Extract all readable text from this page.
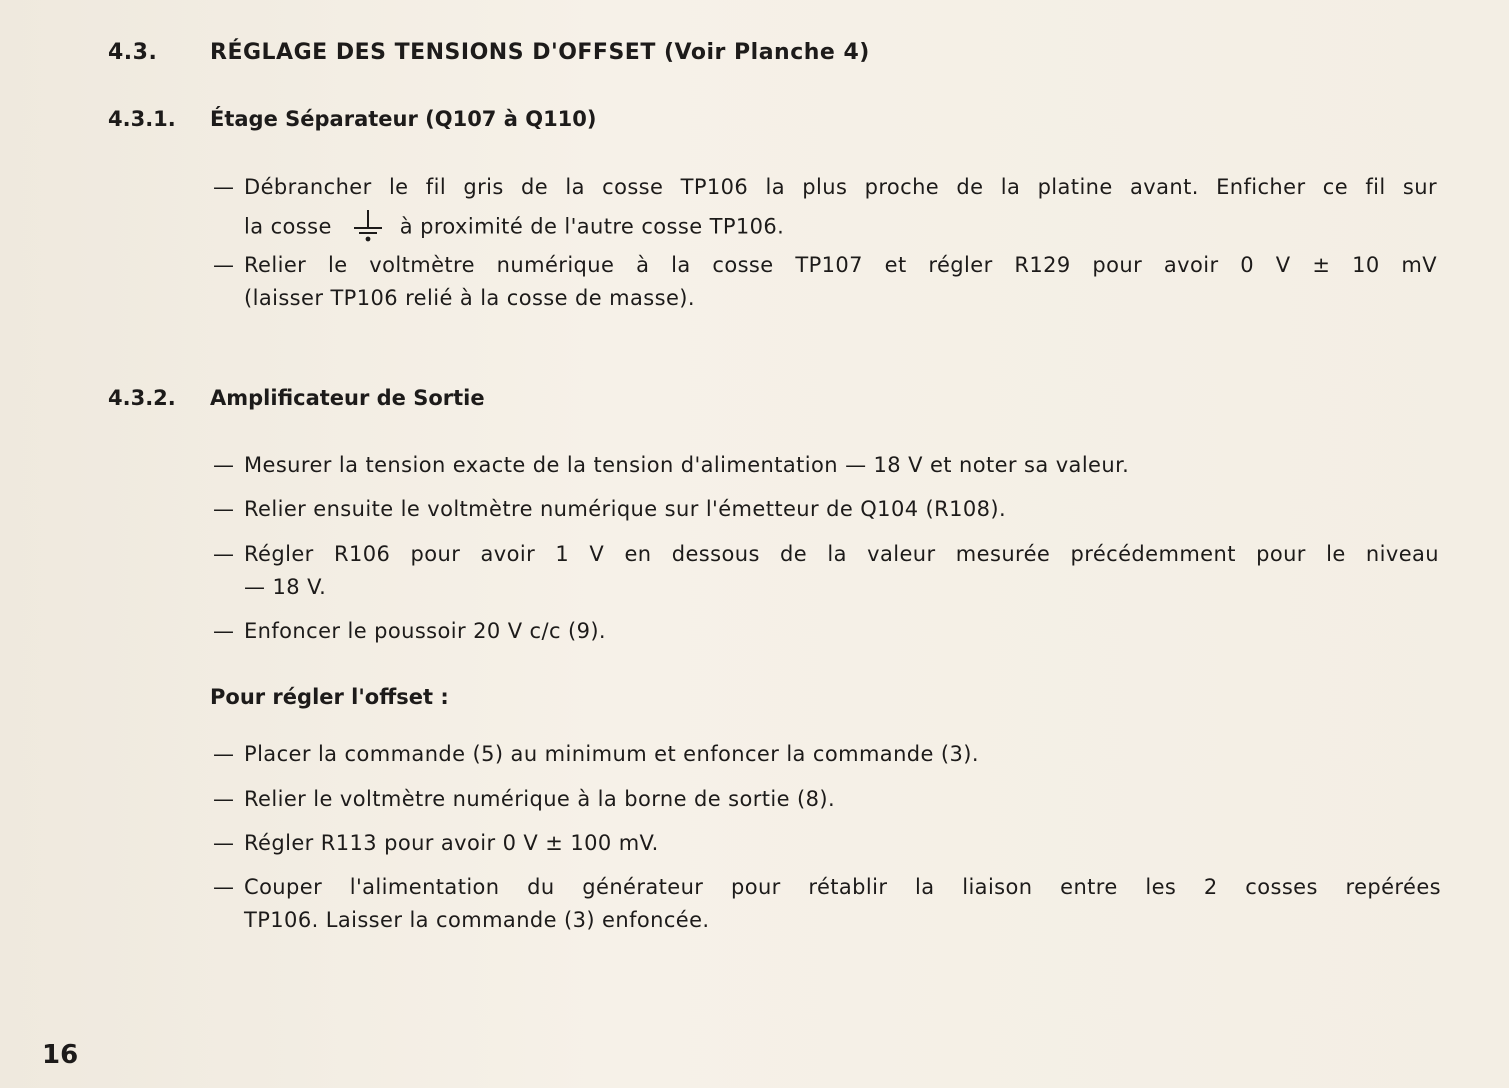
4.3. RÉGLAGE DES TENSIONS D'OFFSET (Voir Planche 4)
4.3.1. Étage Séparateur (Q107 à Q110)
— Débrancher le fil gris de la cosse TP106 la plus proche de la platine avant. Enficher ce fil sur
la cosse	à proximité de l'autre cosse TP106.
— Relier le voltmètre numérique à la cosse TP107 et régler R129 pour avoir 0 V ± 10 mV
(laisser TP106 relié à la cosse de masse).
4.3.2. Amplificateur de Sortie
— Mesurer la tension exacte de la tension d'alimentation — 18 V et noter sa valeur.
— Relier ensuite le voltmètre numérique sur l'émetteur de Q104 (R108).
— Régler R106 pour avoir 1 V en dessous de la valeur mesurée précédemment pour le niveau
— 18 V.
— Enfoncer le poussoir 20 V c/c (9).
Pour régler l'offset :
— Placer la commande (5) au minimum et enfoncer la commande (3).
— Relier le voltmètre numérique à la borne de sortie (8).
— Régler R113 pour avoir 0 V ± 100 mV.
— Couper l'alimentation du générateur pour rétablir la liaison entre les 2 cosses repérées
TP106. Laisser la commande (3) enfoncée.
16
